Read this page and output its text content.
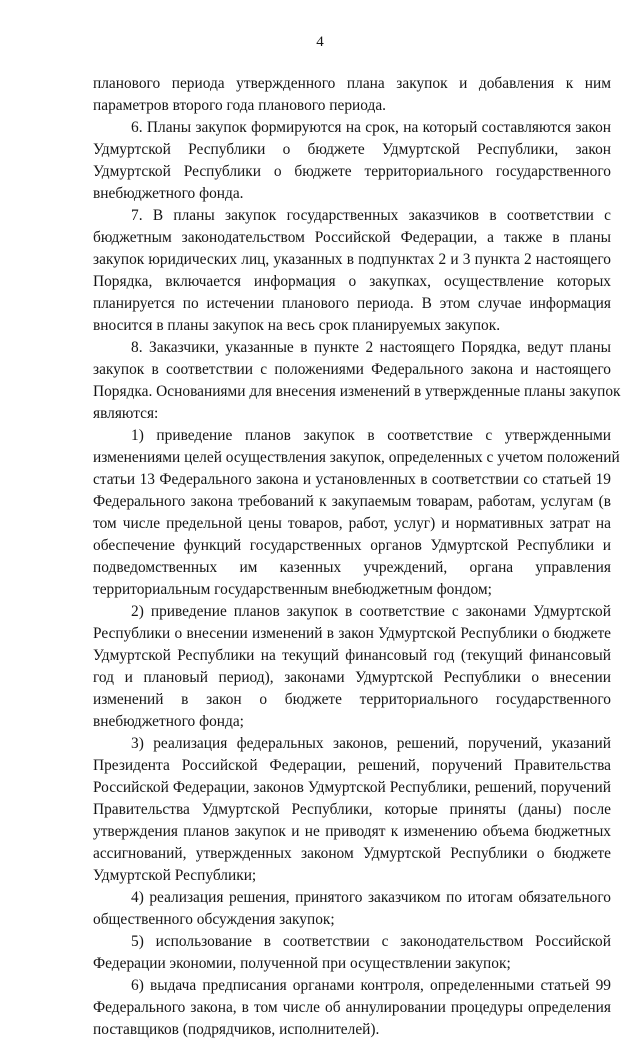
4
планового периода утвержденного плана закупок и добавления к ним
параметров второго года планового периода.
6. Планы закупок формируются на срок, на который составляются закон
Удмуртской Республики о бюджете Удмуртской Республики, закон
Удмуртской Республики о бюджете территориального государственного
внебюджетного фонда.
7. В планы закупок государственных заказчиков в соответствии с
бюджетным законодательством Российской Федерации, а также в планы
закупок юридических лиц, указанных в подпунктах 2 и 3 пункта 2 настоящего
Порядка, включается информация о закупках, осуществление которых
планируется по истечении планового периода. В этом случае информация
вносится в планы закупок на весь срок планируемых закупок.
8. Заказчики, указанные в пункте 2 настоящего Порядка, ведут планы
закупок в соответствии с положениями Федерального закона и настоящего
Порядка. Основаниями для внесения изменений в утвержденные планы закупок
являются:
1) приведение планов закупок в соответствие с утвержденными
изменениями целей осуществления закупок, определенных с учетом положений
статьи 13 Федерального закона и установленных в соответствии со статьей 19
Федерального закона требований к закупаемым товарам, работам, услугам (в
том числе предельной цены товаров, работ, услуг) и нормативных затрат на
обеспечение функций государственных органов Удмуртской Республики и
подведомственных им казенных учреждений, органа управления
территориальным государственным внебюджетным фондом;
2) приведение планов закупок в соответствие с законами Удмуртской
Республики о внесении изменений в закон Удмуртской Республики о бюджете
Удмуртской Республики на текущий финансовый год (текущий финансовый
год и плановый период), законами Удмуртской Республики о внесении
изменений в закон о бюджете территориального государственного
внебюджетного фонда;
3) реализация федеральных законов, решений, поручений, указаний
Президента Российской Федерации, решений, поручений Правительства
Российской Федерации, законов Удмуртской Республики, решений, поручений
Правительства Удмуртской Республики, которые приняты (даны) после
утверждения планов закупок и не приводят к изменению объема бюджетных
ассигнований, утвержденных законом Удмуртской Республики о бюджете
Удмуртской Республики;
4) реализация решения, принятого заказчиком по итогам обязательного
общественного обсуждения закупок;
5) использование в соответствии с законодательством Российской
Федерации экономии, полученной при осуществлении закупок;
6) выдача предписания органами контроля, определенными статьей 99
Федерального закона, в том числе об аннулировании процедуры определения
поставщиков (подрядчиков, исполнителей).
